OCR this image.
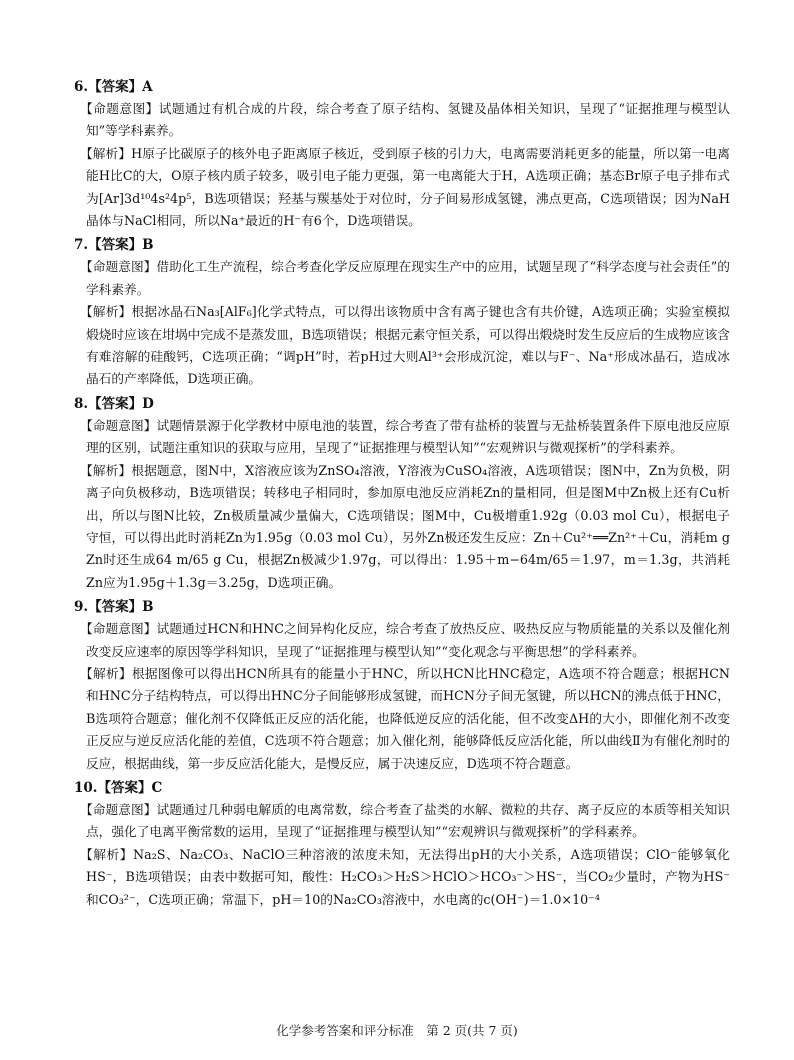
6.【答案】A

【命题意图】试题通过有机合成的片段，综合考查了原子结构、氢键及晶体相关知识，呈现了“证据推理与模型认知”等学科素养。

【解析】H原子比碳原子的核外电子距离原子核近，受到原子核的引力大，电离需要消耗更多的能量，所以第一电离能H比C的大，O原子核内质子较多，吸引电子能力更强，第一电离能大于H，A选项正确；基态Br原子电子排布式为[Ar]3d¹⁰4s²4p⁵，B选项错误；羟基与羰基处于对位时，分子间易形成氢键，沸点更高，C选项错误；因为NaH晶体与NaCl相同，所以Na⁺最近的H⁻有6个，D选项错误。

7.【答案】B

【命题意图】借助化工生产流程，综合考查化学反应原理在现实生产中的应用，试题呈现了“科学态度与社会责任”的学科素养。

【解析】根据冰晶石Na₃[AlF₆]化学式特点，可以得出该物质中含有离子键也含有共价键，A选项正确；实验室模拟煅烧时应该在坩埚中完成不是蒸发皿，B选项错误；根据元素守恒关系，可以得出煅烧时发生反应后的生成物应该含有难溶解的硅酸钙，C选项正确；“调pH”时，若pH过大则Al³⁺会形成沉淀，难以与F⁻、Na⁺形成冰晶石，造成冰晶石的产率降低，D选项正确。

8.【答案】D

【命题意图】试题情景源于化学教材中原电池的装置，综合考查了带有盐桥的装置与无盐桥装置条件下原电池反应原理的区别，试题注重知识的获取与应用，呈现了“证据推理与模型认知”“宏观辨识与微观探析”的学科素养。

【解析】根据题意，图N中，X溶液应该为ZnSO₄溶液，Y溶液为CuSO₄溶液，A选项错误；图N中，Zn为负极，阴离子向负极移动，B选项错误；转移电子相同时，参加原电池反应消耗Zn的量相同，但是图M中Zn极上还有Cu析出，所以与图N比较，Zn极质量减少量偏大，C选项错误；图M中，Cu极增重1.92g（0.03 mol Cu），根据电子守恒，可以得出此时消耗Zn为1.95g（0.03 mol Cu），另外Zn极还发生反应：Zn＋Cu²⁺══Zn²⁺＋Cu，消耗m g Zn时还生成64 m/65 g Cu，根据Zn极减少1.97g，可以得出：1.95＋m−64m/65＝1.97，m＝1.3g，共消耗Zn应为1.95g＋1.3g＝3.25g，D选项正确。

9.【答案】B

【命题意图】试题通过HCN和HNC之间异构化反应，综合考查了放热反应、吸热反应与物质能量的关系以及催化剂改变反应速率的原因等学科知识，呈现了“证据推理与模型认知”“变化观念与平衡思想”的学科素养。

【解析】根据图像可以得出HCN所具有的能量小于HNC，所以HCN比HNC稳定，A选项不符合题意；根据HCN和HNC分子结构特点，可以得出HNC分子间能够形成氢键，而HCN分子间无氢键，所以HCN的沸点低于HNC，B选项符合题意；催化剂不仅降低正反应的活化能，也降低逆反应的活化能，但不改变ΔH的大小，即催化剂不改变正反应与逆反应活化能的差值，C选项不符合题意；加入催化剂，能够降低反应活化能，所以曲线Ⅱ为有催化剂时的反应，根据曲线，第一步反应活化能大，是慢反应，属于决速反应，D选项不符合题意。

10.【答案】C

【命题意图】试题通过几种弱电解质的电离常数，综合考查了盐类的水解、微粒的共存、离子反应的本质等相关知识点，强化了电离平衡常数的运用，呈现了“证据推理与模型认知”“宏观辨识与微观探析”的学科素养。

【解析】Na₂S、Na₂CO₃、NaClO三种溶液的浓度未知，无法得出pH的大小关系，A选项错误；ClO⁻能够氧化HS⁻，B选项错误；由表中数据可知，酸性：H₂CO₃＞H₂S＞HClO＞HCO₃⁻＞HS⁻，当CO₂少量时，产物为HS⁻和CO₃²⁻，C选项正确；常温下，pH＝10的Na₂CO₃溶液中，水电离的c(OH⁻)＝1.0×10⁻⁴

化学参考答案和评分标准　第 2 页(共 7 页)
